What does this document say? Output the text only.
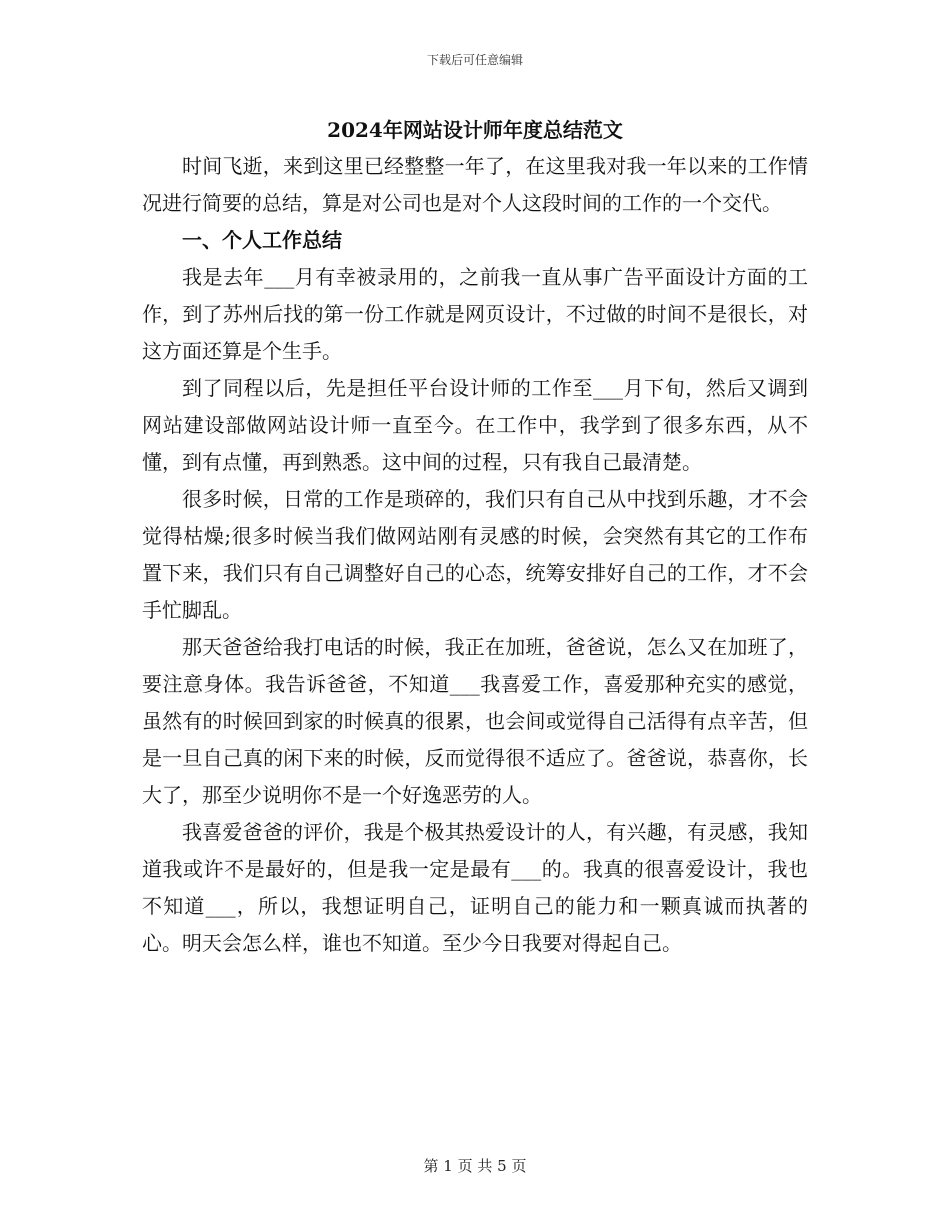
下载后可任意编辑
2024年网站设计师年度总结范文

时间飞逝，来到这里已经整整一年了，在这里我对我一年以来的工作情况进行简要的总结，算是对公司也是对个人这段时间的工作的一个交代。

一、个人工作总结

我是去年___月有幸被录用的，之前我一直从事广告平面设计方面的工作，到了苏州后找的第一份工作就是网页设计，不过做的时间不是很长，对这方面还算是个生手。

到了同程以后，先是担任平台设计师的工作至___月下旬，然后又调到网站建设部做网站设计师一直至今。在工作中，我学到了很多东西，从不懂，到有点懂，再到熟悉。这中间的过程，只有我自己最清楚。

很多时候，日常的工作是琐碎的，我们只有自己从中找到乐趣，才不会觉得枯燥;很多时候当我们做网站刚有灵感的时候，会突然有其它的工作布置下来，我们只有自己调整好自己的心态，统筹安排好自己的工作，才不会手忙脚乱。

那天爸爸给我打电话的时候，我正在加班，爸爸说，怎么又在加班了，要注意身体。我告诉爸爸，不知道___我喜爱工作，喜爱那种充实的感觉，虽然有的时候回到家的时候真的很累，也会间或觉得自己活得有点辛苦，但是一旦自己真的闲下来的时候，反而觉得很不适应了。爸爸说，恭喜你，长大了，那至少说明你不是一个好逸恶劳的人。

我喜爱爸爸的评价，我是个极其热爱设计的人，有兴趣，有灵感，我知道我或许不是最好的，但是我一定是最有___的。我真的很喜爱设计，我也不知道___，所以，我想证明自己，证明自己的能力和一颗真诚而执著的心。明天会怎么样，谁也不知道。至少今日我要对得起自己。

第 1 页 共 5 页
